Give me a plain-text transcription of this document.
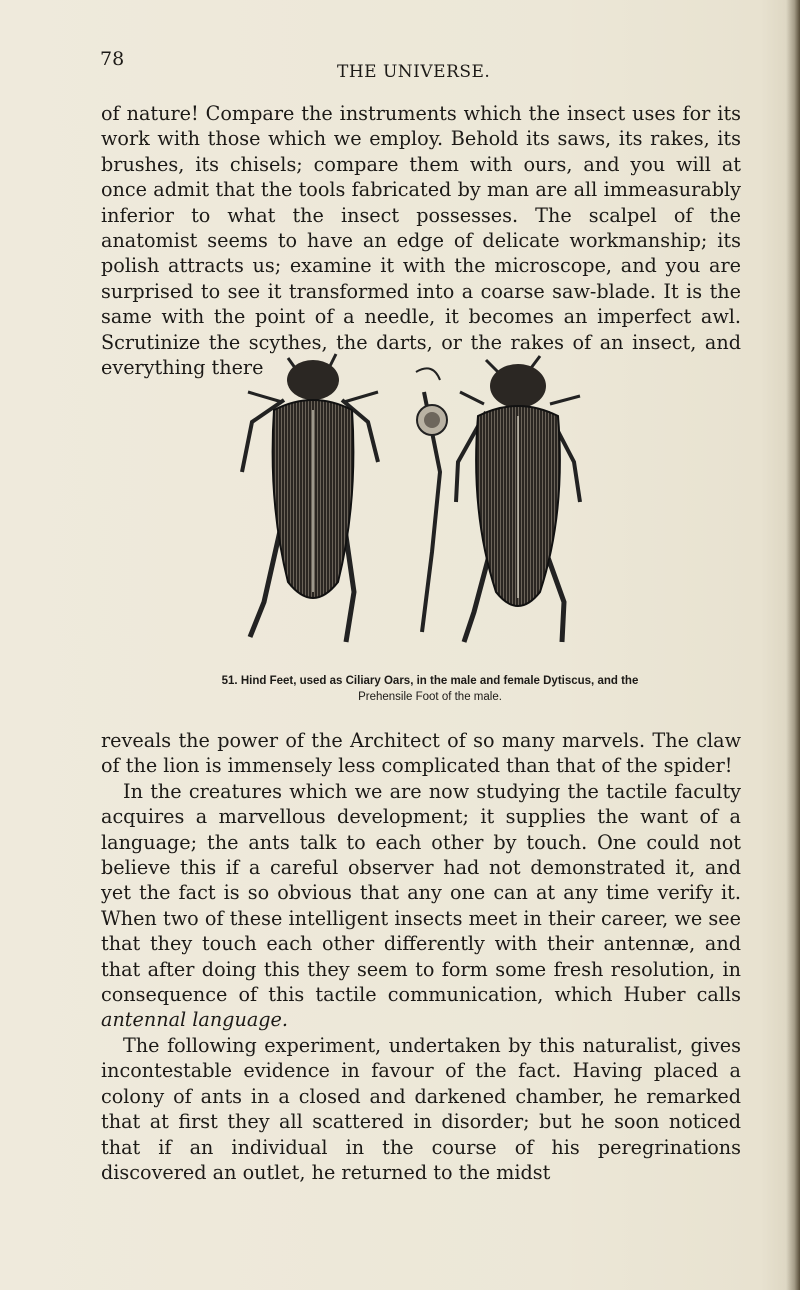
78
THE UNIVERSE.

of nature! Compare the instruments which the insect uses for its work with those which we employ. Behold its saws, its rakes, its brushes, its chisels; compare them with ours, and you will at once admit that the tools fabricated by man are all immeasurably inferior to what the insect possesses. The scalpel of the anatomist seems to have an edge of delicate workmanship; its polish attracts us; examine it with the microscope, and you are surprised to see it transformed into a coarse saw-blade. It is the same with the point of a needle, it becomes an imperfect awl. Scrutinize the scythes, the darts, or the rakes of an insect, and everything there

51. Hind Feet, used as Ciliary Oars, in the male and female Dytiscus, and the
Prehensile Foot of the male.

reveals the power of the Architect of so many marvels. The claw of the lion is immensely less complicated than that of the spider!

In the creatures which we are now studying the tactile faculty acquires a marvellous development; it supplies the want of a language; the ants talk to each other by touch. One could not believe this if a careful observer had not demonstrated it, and yet the fact is so obvious that any one can at any time verify it. When two of these intelligent insects meet in their career, we see that they touch each other differently with their antennæ, and that after doing this they seem to form some fresh resolution, in consequence of this tactile communication, which Huber calls antennal language.

The following experiment, undertaken by this naturalist, gives incontestable evidence in favour of the fact. Having placed a colony of ants in a closed and darkened chamber, he remarked that at first they all scattered in disorder; but he soon noticed that if an individual in the course of his peregrinations discovered an outlet, he returned to the midst
